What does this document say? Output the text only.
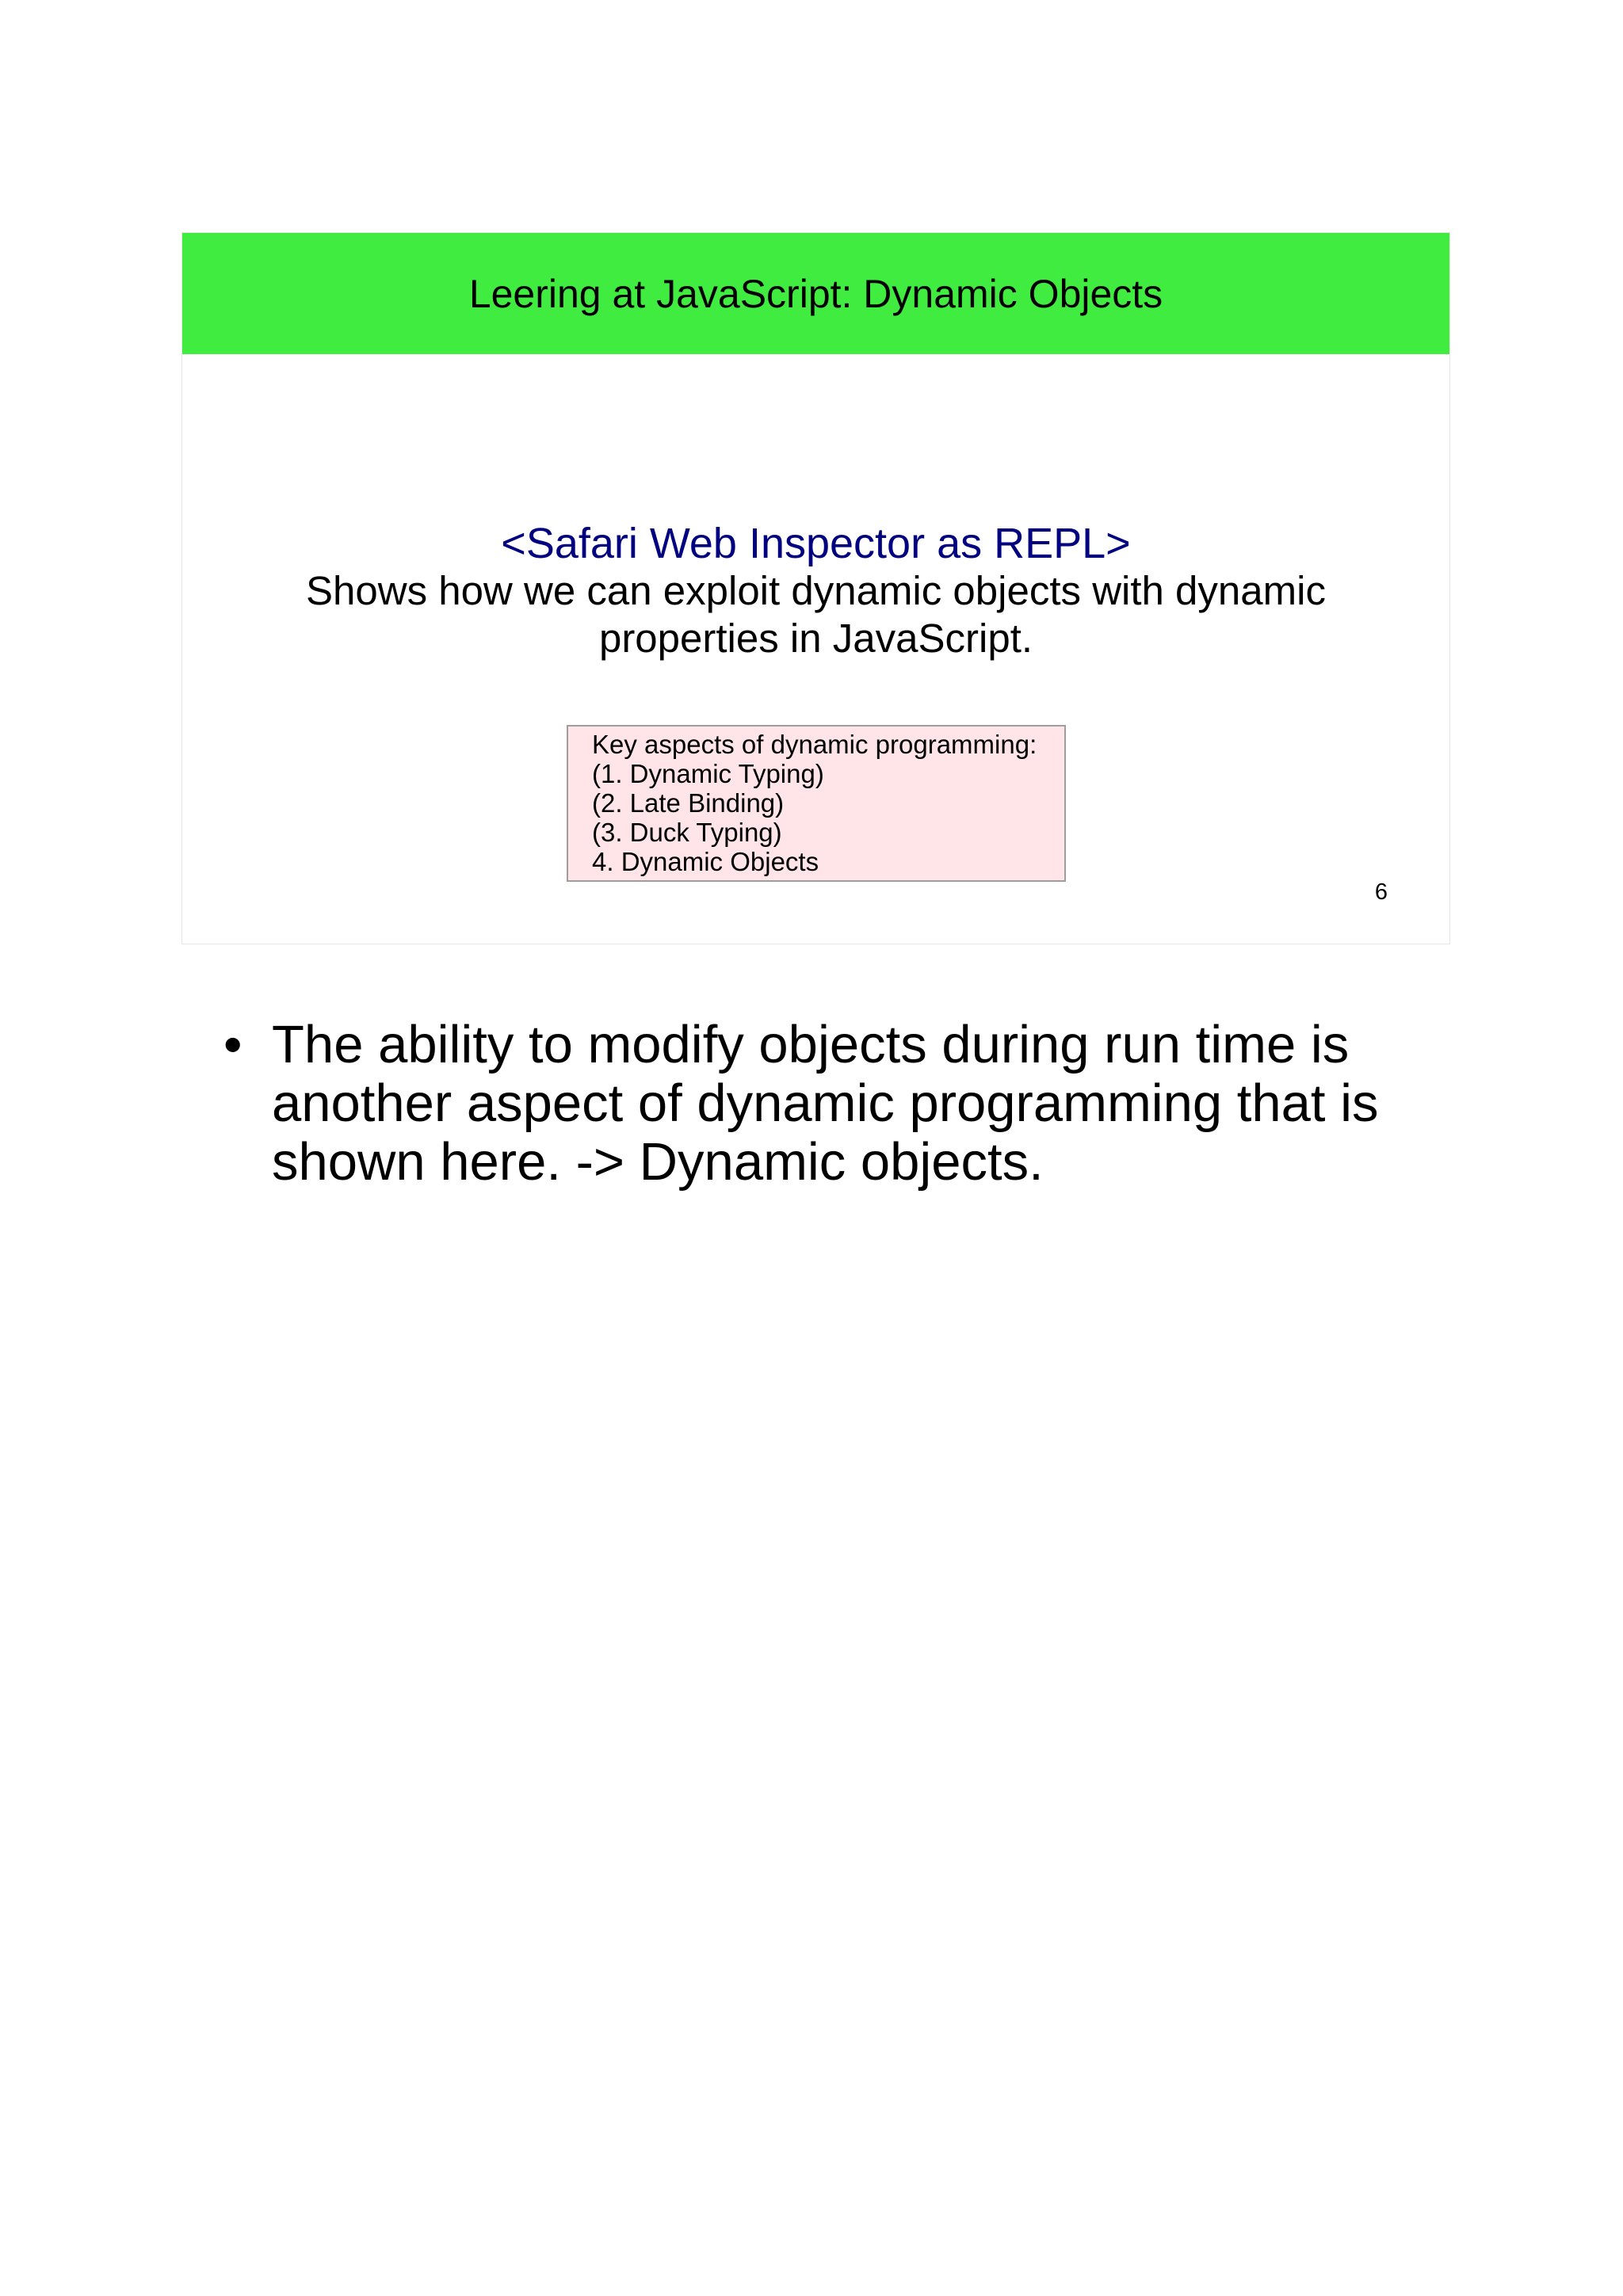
Leering at JavaScript: Dynamic Objects
<Safari Web Inspector as REPL>
Shows how we can exploit dynamic objects with dynamic
properties in JavaScript.
Key aspects of dynamic programming:
(1. Dynamic Typing)
(2. Late Binding)
(3. Duck Typing)
4. Dynamic Objects
6
• The ability to modify objects during run time is
another aspect of dynamic programming that is
shown here. -> Dynamic objects.
